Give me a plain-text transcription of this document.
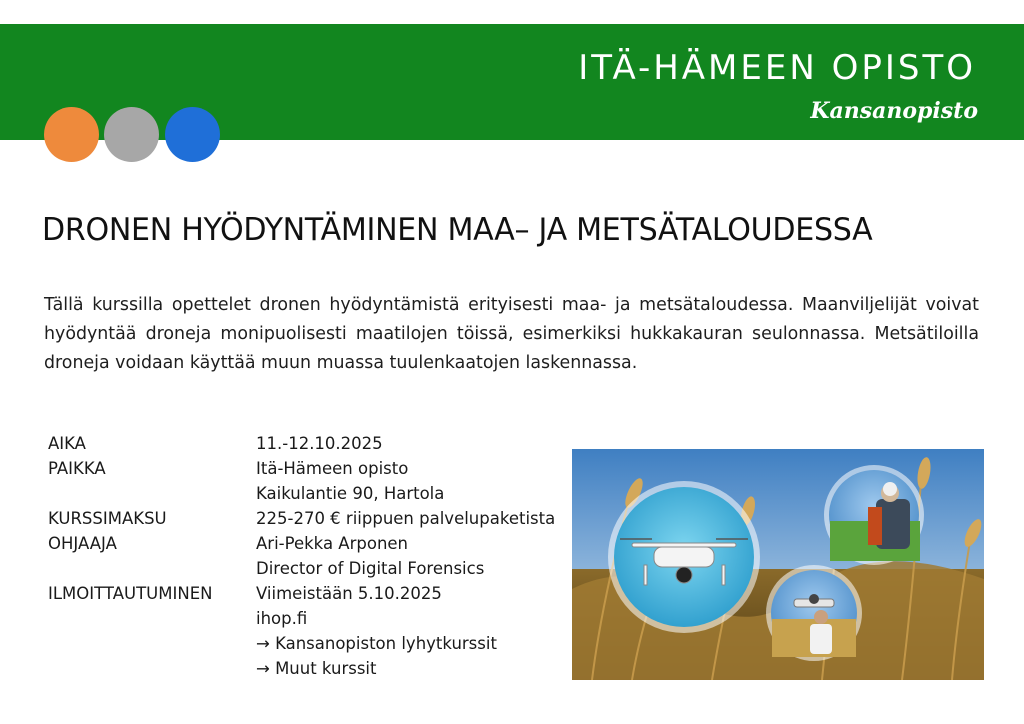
ITÄ-HÄMEEN OPISTO
Kansanopisto
DRONEN HYÖDYNTÄMINEN MAA– JA METSÄTALOUDESSA

Tällä kurssilla opettelet dronen hyödyntämistä erityisesti maa- ja metsätaloudessa. Maanviljelijät voivat hyödyntää droneja monipuolisesti maatilojen töissä, esimerkiksi hukkakauran seulonnassa. Metsätiloilla droneja voidaan käyttää muun muassa tuulenkaatojen laskennassa.

AIKA	11.-12.10.2025
PAIKKA	Itä-Hämeen opisto
Kaikulantie 90, Hartola
KURSSIMAKSU	225-270 € riippuen palvelupaketista
OHJAAJA	Ari-Pekka Arponen
Director of Digital Forensics
ILMOITTAUTUMINEN	Viimeistään 5.10.2025
ihop.fi
→ Kansanopiston lyhytkurssit
→ Muut kurssit
